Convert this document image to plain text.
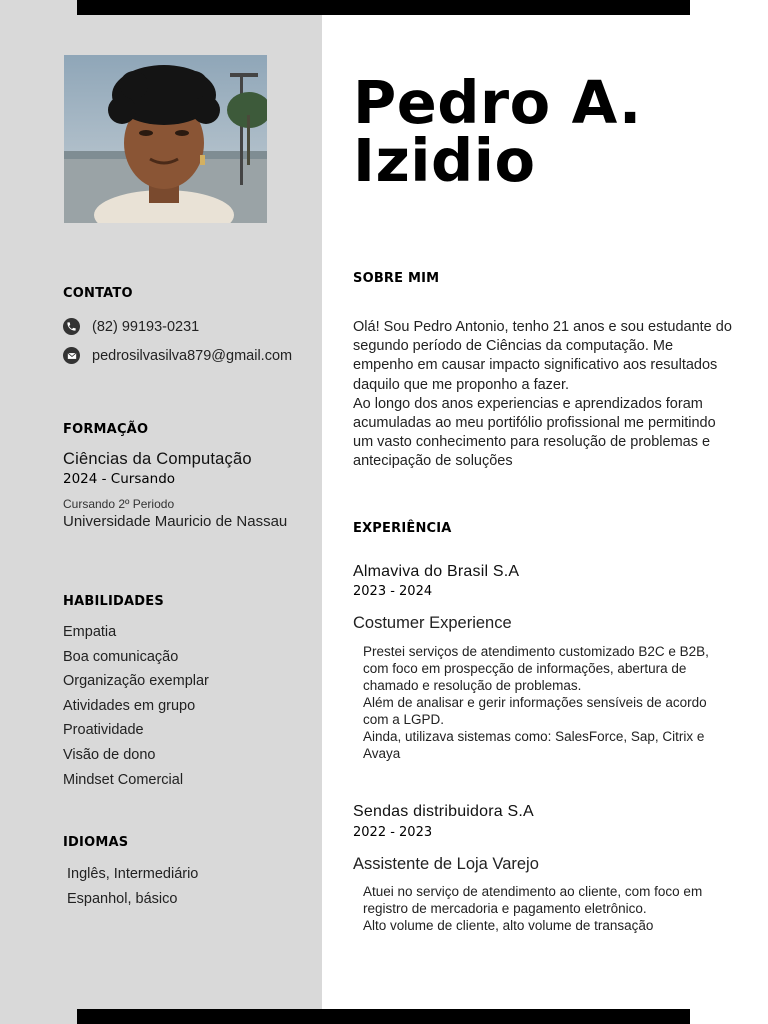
Pedro A.
Izidio
CONTATO
(82) 99193-0231
pedrosilvasilva879@gmail.com
FORMAÇÃO
Ciências da Computação
2024 - Cursando
Cursando 2º Periodo
Universidade Mauricio de Nassau
HABILIDADES
Empatia
Boa comunicação
Organização exemplar
Atividades em grupo
Proatividade
Visão de dono
Mindset Comercial
IDIOMAS
Inglês, Intermediário
Espanhol, básico
SOBRE MIM

Olá! Sou Pedro Antonio, tenho 21 anos e sou estudante do segundo período de Ciências da computação. Me empenho em causar impacto significativo aos resultados daquilo que me proponho a fazer.

Ao longo dos anos experiencias e aprendizados foram acumuladas ao meu portifólio profissional me permitindo um vasto conhecimento para resolução de problemas e antecipação de soluções

EXPERIÊNCIA
Almaviva do Brasil S.A
2023 - 2024
Costumer Experience

Prestei serviços de atendimento customizado B2C e B2B, com foco em prospecção de informações, abertura de chamado e resolução de problemas.

Além de analisar e gerir informações sensíveis de acordo com a LGPD.

Ainda, utilizava sistemas como: SalesForce, Sap, Citrix e Avaya

Sendas distribuidora S.A
2022 - 2023
Assistente de Loja Varejo

Atuei no serviço de atendimento ao cliente, com foco em registro de mercadoria e pagamento eletrônico.

Alto volume de cliente, alto volume de transação
